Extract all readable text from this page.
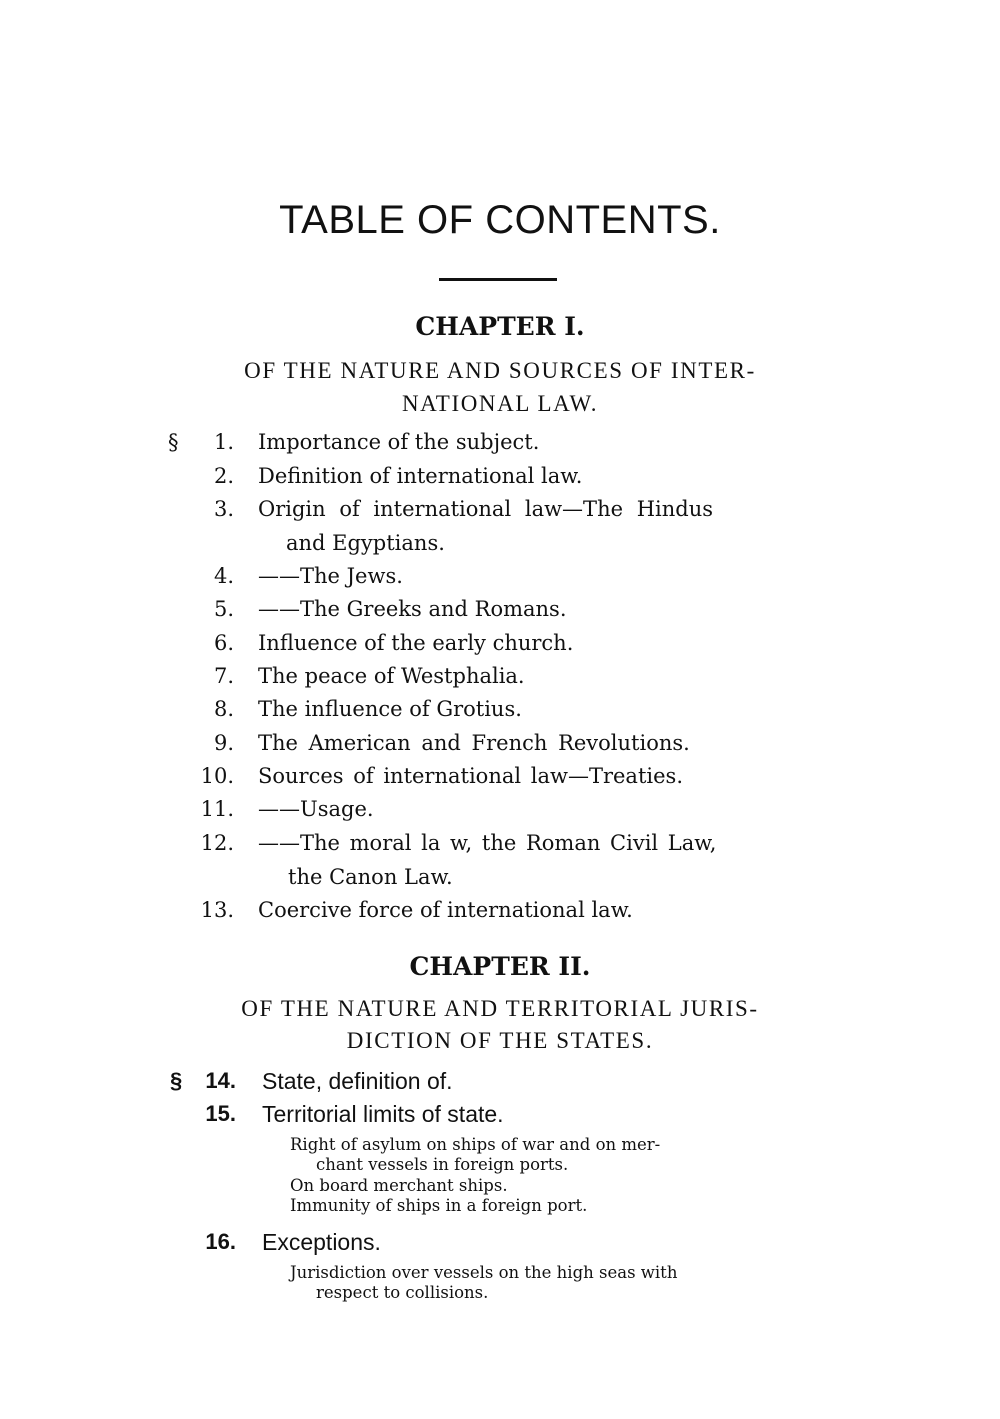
TABLE OF CONTENTS.
CHAPTER I.
OF THE NATURE AND SOURCES OF INTER-
NATIONAL LAW.
§	1. Importance of the subject.
2. Definition of international law.
3. Origin of international law—The Hindus
and Egyptians.
4. ——The Jews.
5. ——The Greeks and Romans.
6. Influence of the early church.
7. The peace of Westphalia.
8. The influence of Grotius.
9. The American and French Revolutions.
10. Sources of international law—Treaties.
11. ——Usage.
12. ——The moral la w, the Roman Civil Law,
the Canon Law.
13. Coercive force of international law.
CHAPTER II.
OF THE NATURE AND TERRITORIAL JURIS-
DICTION OF THE STATES.
§	14. State, definition of.
15. Territorial limits of state.
Right of asylum on ships of war and on mer-
chant vessels in foreign ports.
On board merchant ships.
Immunity of ships in a foreign port.
16. Exceptions.
Jurisdiction over vessels on the high seas with
respect to collisions.
